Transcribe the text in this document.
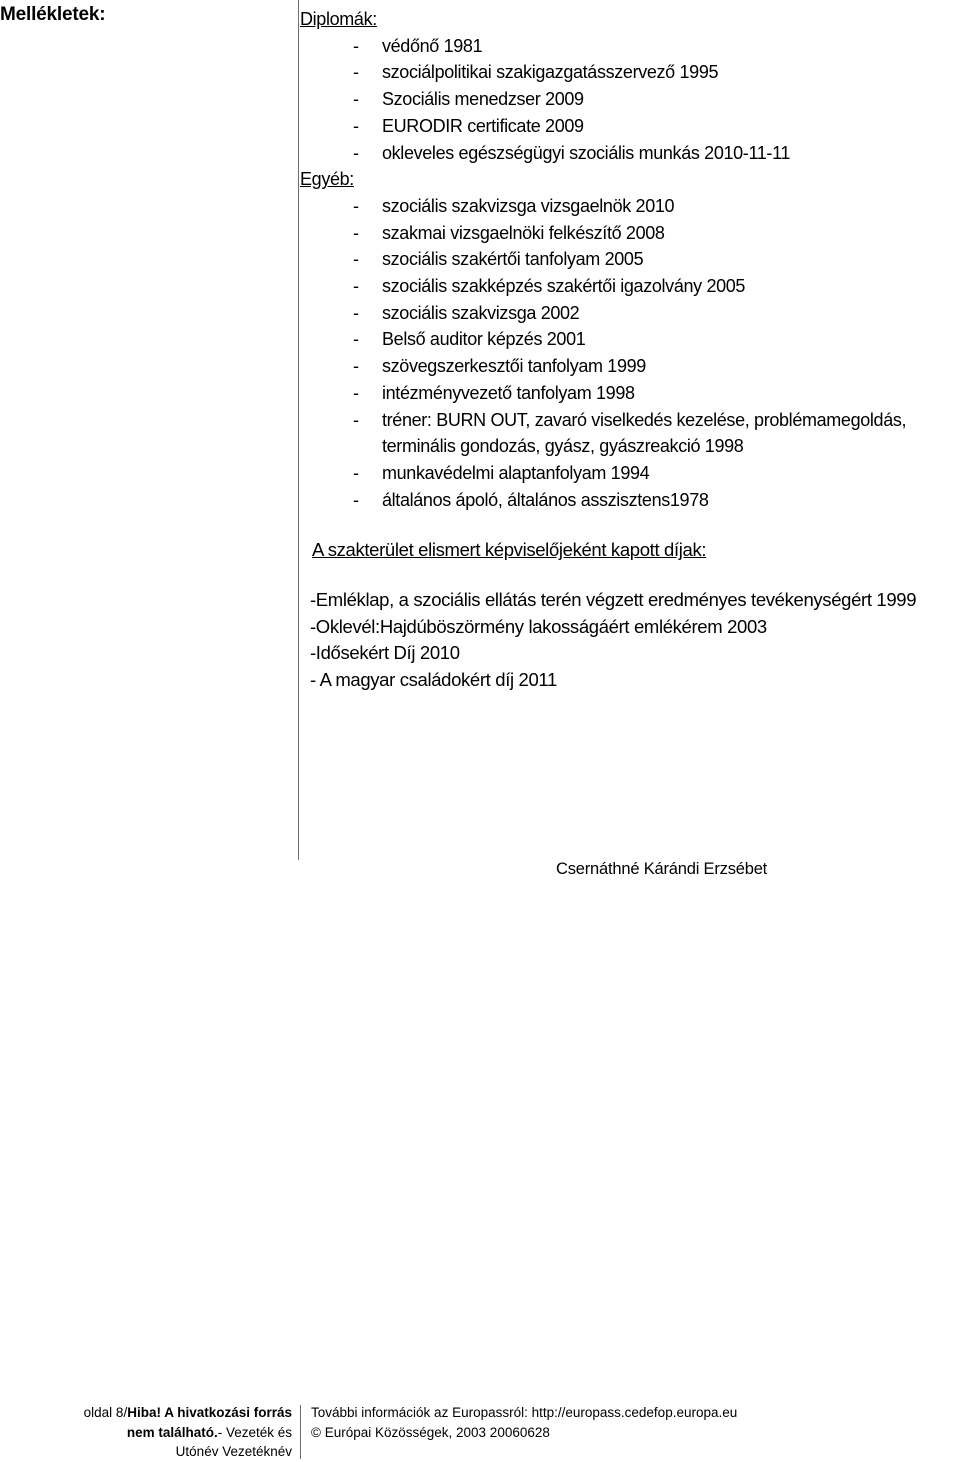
Mellékletek:	Diplomák:
- védőnő 1981
- szociálpolitikai szakigazgatásszervező 1995
- Szociális menedzser 2009
- EURODIR certificate 2009
- okleveles egészségügyi szociális munkás 2010-11-11
Egyéb:
- szociális szakvizsga vizsgaelnök 2010
- szakmai vizsgaelnöki felkészítő 2008
- szociális szakértői tanfolyam 2005
- szociális szakképzés szakértői igazolvány 2005
- szociális szakvizsga 2002
- Belső auditor képzés 2001
- szövegszerkesztői tanfolyam 1999
- intézményvezető tanfolyam 1998
- tréner: BURN OUT, zavaró viselkedés kezelése, problémamegoldás, terminális gondozás, gyász, gyászreakció 1998
- munkavédelmi alaptanfolyam 1994
- általános ápoló, általános asszisztens1978
A szakterület elismert képviselőjeként kapott díjak:
-Emléklap, a szociális ellátás terén végzett eredményes tevékenységért 1999
-Oklevél:Hajdúböszörmény lakosságáért emlékérem 2003
-Idősekért Díj 2010
- A magyar családokért díj 2011
Csernáthné Kárándi Erzsébet
oldal 8/Hiba! A hivatkozási forrás nem található.- Vezeték és
Utónév Vezetéknév
További információk az Europassról: http://europass.cedefop.europa.eu
© Európai Közösségek, 2003 20060628
